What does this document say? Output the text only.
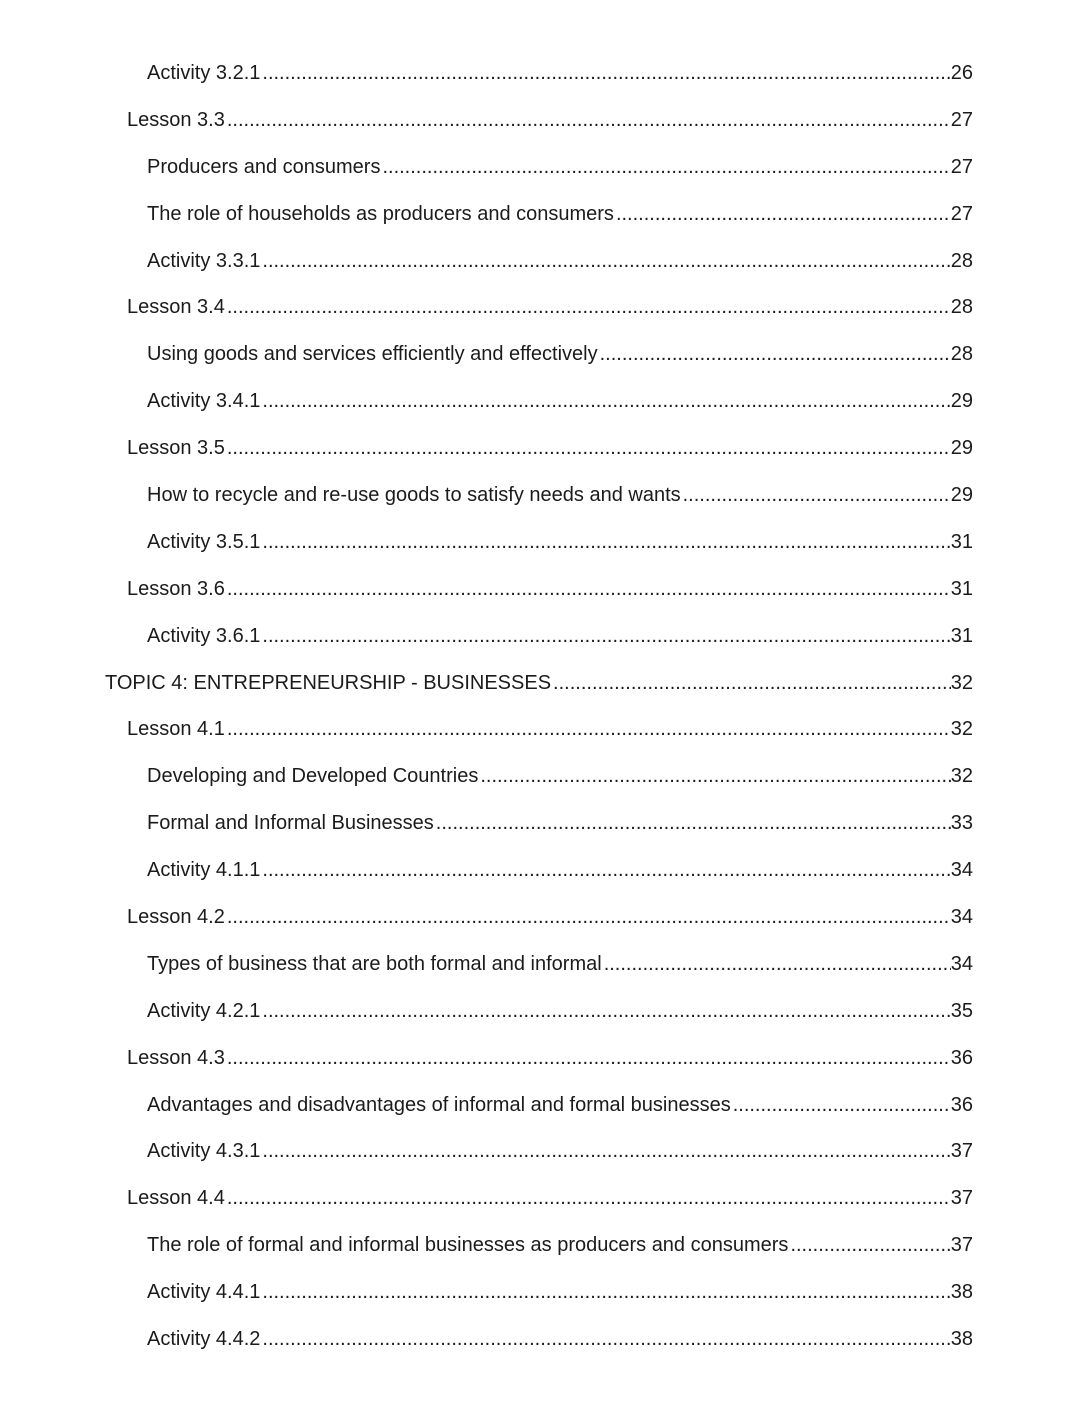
Activity 3.2.1 .....	26
Lesson 3.3 .....	27
Producers and consumers .....	27
The role of households as producers and consumers .....	27
Activity 3.3.1 .....	28
Lesson 3.4 .....	28
Using goods and services efficiently and effectively .....	28
Activity 3.4.1 .....	29
Lesson 3.5 .....	29
How to recycle and re-use goods to satisfy needs and wants .....	29
Activity 3.5.1 .....	31
Lesson 3.6 .....	31
Activity 3.6.1 .....	31
TOPIC 4: ENTREPRENEURSHIP - BUSINESSES .....	32
Lesson 4.1 .....	32
Developing and Developed Countries .....	32
Formal and Informal Businesses .....	33
Activity 4.1.1 .....	34
Lesson 4.2 .....	34
Types of business that are both formal and informal .....	34
Activity 4.2.1 .....	35
Lesson 4.3 .....	36
Advantages and disadvantages of informal and formal businesses .....	36
Activity 4.3.1 .....	37
Lesson 4.4 .....	37
The role of formal and informal businesses as producers and consumers .....	37
Activity 4.4.1 .....	38
Activity 4.4.2 .....	38
